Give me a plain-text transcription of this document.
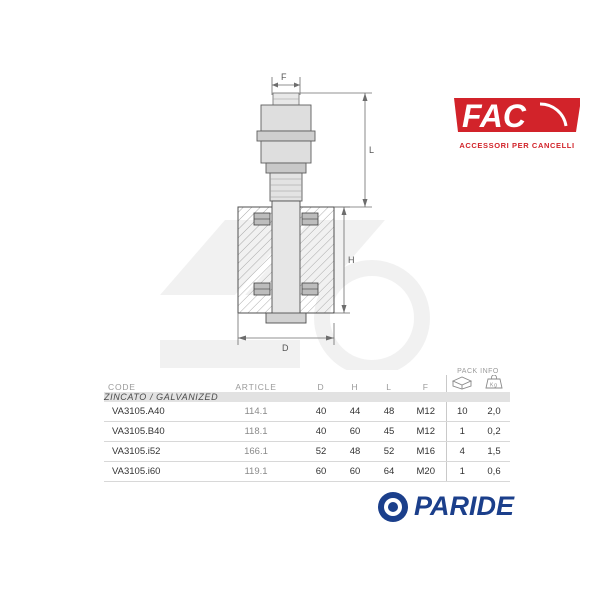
FAC
ACCESSORI PER CANCELLI
F
L
H
D
PARIDE
						PACK INFO	
CODE	ARTICLE	D	H	L	F		Kg

ZINCATO / GALVANIZED							
VA3105.A40	114.1	40	44	48	M12	10	2,0
VA3105.B40	118.1	40	60	45	M12	1	0,2
VA3105.i52	166.1	52	48	52	M16	4	1,5
VA3105.i60	119.1	60	60	64	M20	1	0,6
